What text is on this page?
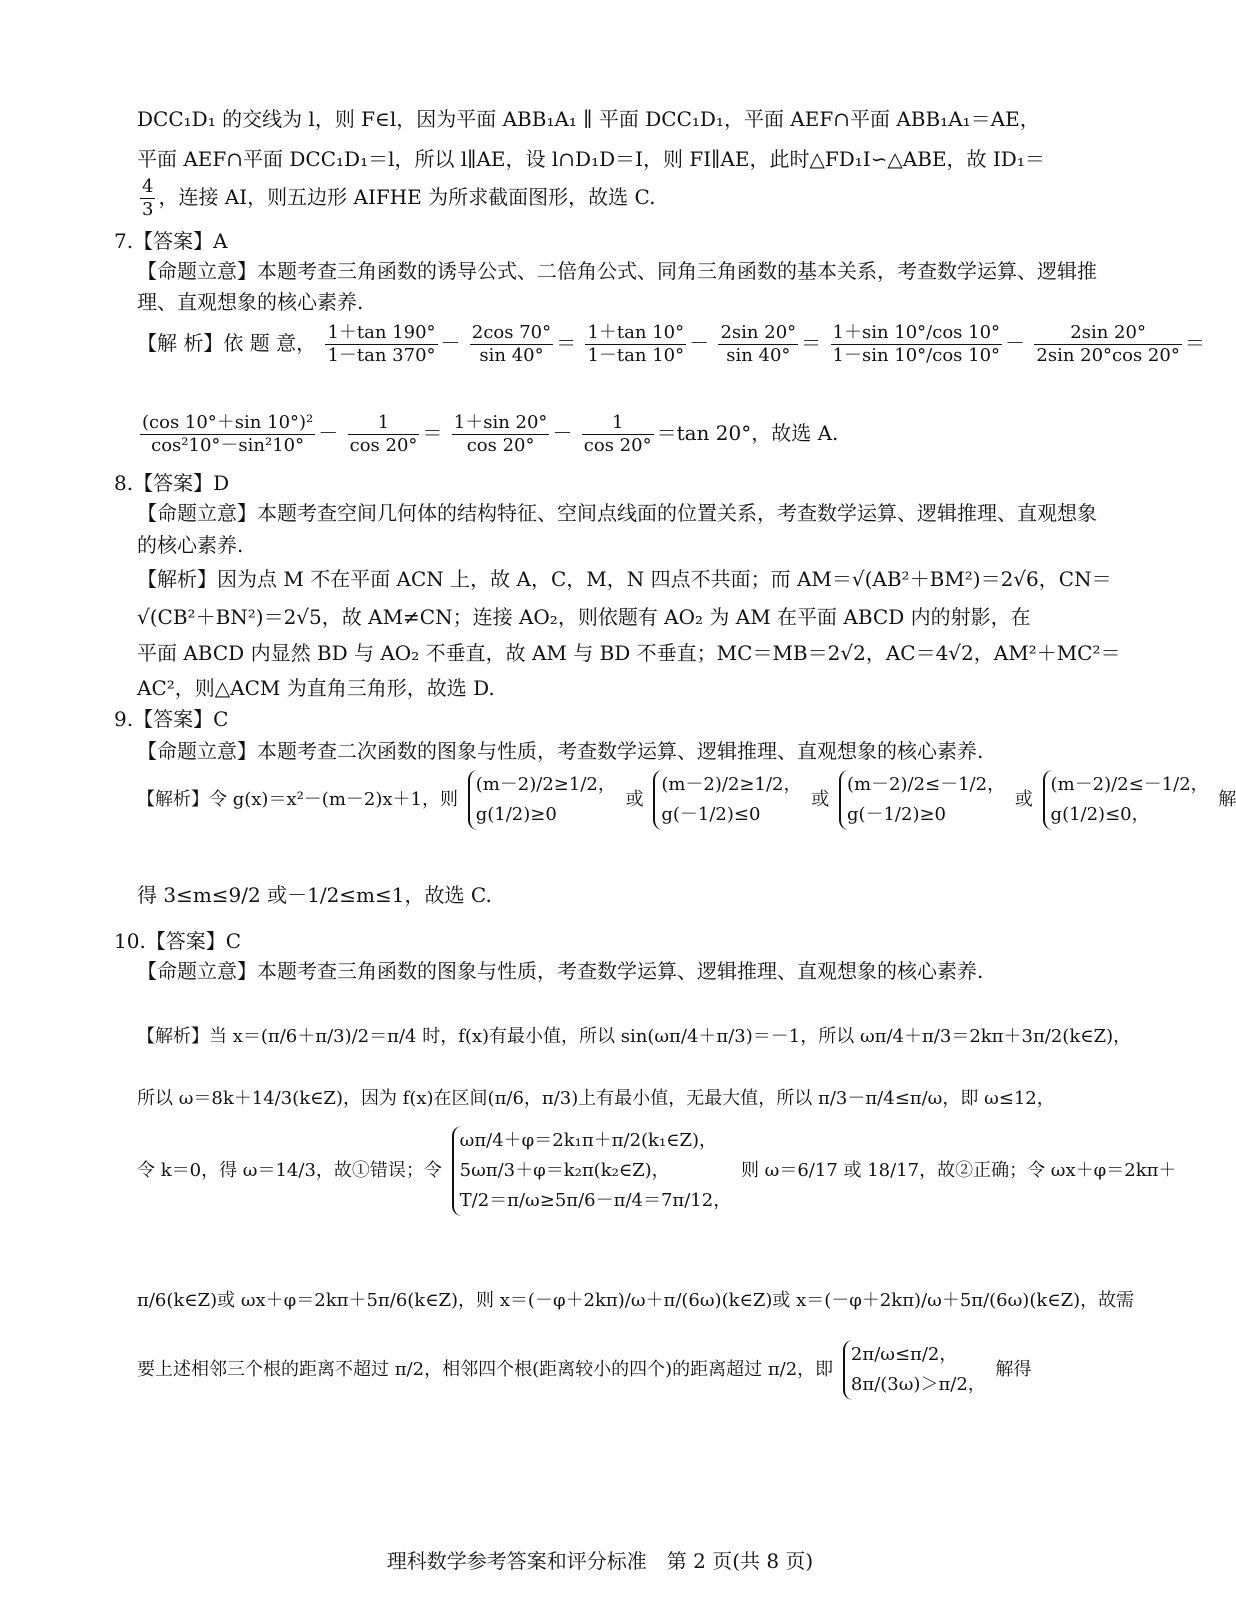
DCC₁D₁ 的交线为 l，则 F∈l，因为平面 ABB₁A₁ ∥ 平面 DCC₁D₁，平面 AEF∩平面 ABB₁A₁＝AE，
平面 AEF∩平面 DCC₁D₁＝l，所以 l∥AE，设 l∩D₁D＝I，则 FI∥AE，此时△FD₁I∽△ABE，故 ID₁＝
$\frac{4}{3}$ ，连接 AI，则五边形 AIFHE 为所求截面图形，故选 C.
7.【答案】A
【命题立意】本题考查三角函数的诱导公式、二倍角公式、同角三角函数的基本关系，考查数学运算、逻辑推
理、直观想象的核心素养.
【解 析】依 题 意， $\frac{1+\tan 190^\circ}{1-\tan 370^\circ} - \frac{2\cos 70^\circ}{\sin 40^\circ} = \frac{1+\tan 10^\circ}{1-\tan 10^\circ} - \frac{2\sin 20^\circ}{\sin 40^\circ} = \frac{1+\sin 10^\circ/\cos 10^\circ}{1-\sin 10^\circ/\cos 10^\circ} - \frac{2\sin 20^\circ}{2\sin 20^\circ\cos 20^\circ}$ ＝
$\frac{\text{(cos 10°＋sin 10°)²}}{\text{cos²10°－sin²10°}} - \frac{1}{\cos 20^\circ} = \frac{1+\sin 20^\circ}{\cos 20^\circ} - \frac{1}{\cos 20^\circ} =\tan$ 20°，故选 A.
8.【答案】D
【命题立意】本题考查空间几何体的结构特征、空间点线面的位置关系，考查数学运算、逻辑推理、直观想象
的核心素养.
【解析】因为点 M 不在平面 ACN 上，故 A，C，M，N 四点不共面；而 AM＝√(AB²＋BM²)＝2√6，CN＝
√(CB²＋BN²)＝2√5，故 AM≠CN；连接 AO₂，则依题有 AO₂ 为 AM 在平面 ABCD 内的射影，在
平面 ABCD 内显然 BD 与 AO₂ 不垂直，故 AM 与 BD 不垂直；MC＝MB＝2√2，AC＝4√2，AM²＋MC²＝
AC²，则△ACM 为直角三角形，故选 D.
9.【答案】C
【命题立意】本题考查二次函数的图象与性质，考查数学运算、逻辑推理、直观想象的核心素养.
【解析】令 g(x)＝x²－(m－2)x＋1，则
(m－2)/2≥1/2，
g(1/2)≥0
或
(m－2)/2≥1/2，
g(－1/2)≤0
或
(m－2)/2≤－1/2，
g(－1/2)≥0
或
(m－2)/2≤－1/2，
g(1/2)≤0，
解
得 3≤m≤9/2 或－1/2≤m≤1，故选 C.
10.【答案】C
【命题立意】本题考查三角函数的图象与性质，考查数学运算、逻辑推理、直观想象的核心素养.
【解析】当 x＝(π/6＋π/3)/2＝π/4 时，f(x)有最小值，所以 sin(ωπ/4＋π/3)＝－1，所以 ωπ/4＋π/3＝2kπ＋3π/2(k∈Z)，
所以 ω＝8k＋14/3(k∈Z)，因为 f(x)在区间(π/6，π/3)上有最小值，无最大值，所以 π/3－π/4≤π/ω，即 ω≤12，
令 k＝0，得 ω＝14/3，故①错误；令
ωπ/4＋φ＝2k₁π＋π/2(k₁∈Z)，
5ωπ/3＋φ＝k₂π(k₂∈Z)，
T/2＝π/ω≥5π/6－π/4＝7π/12，
则 ω＝6/17 或 18/17，故②正确；令 ωx＋φ＝2kπ＋
π/6(k∈Z)或 ωx＋φ＝2kπ＋5π/6(k∈Z)，则 x＝(－φ＋2kπ)/ω＋π/(6ω)(k∈Z)或 x＝(－φ＋2kπ)/ω＋5π/(6ω)(k∈Z)，故需
要上述相邻三个根的距离不超过 π/2，相邻四个根(距离较小的四个)的距离超过 π/2，即
2π/ω≤π/2，
8π/(3ω)＞π/2，
解得
理科数学参考答案和评分标准　第 2 页(共 8 页)
